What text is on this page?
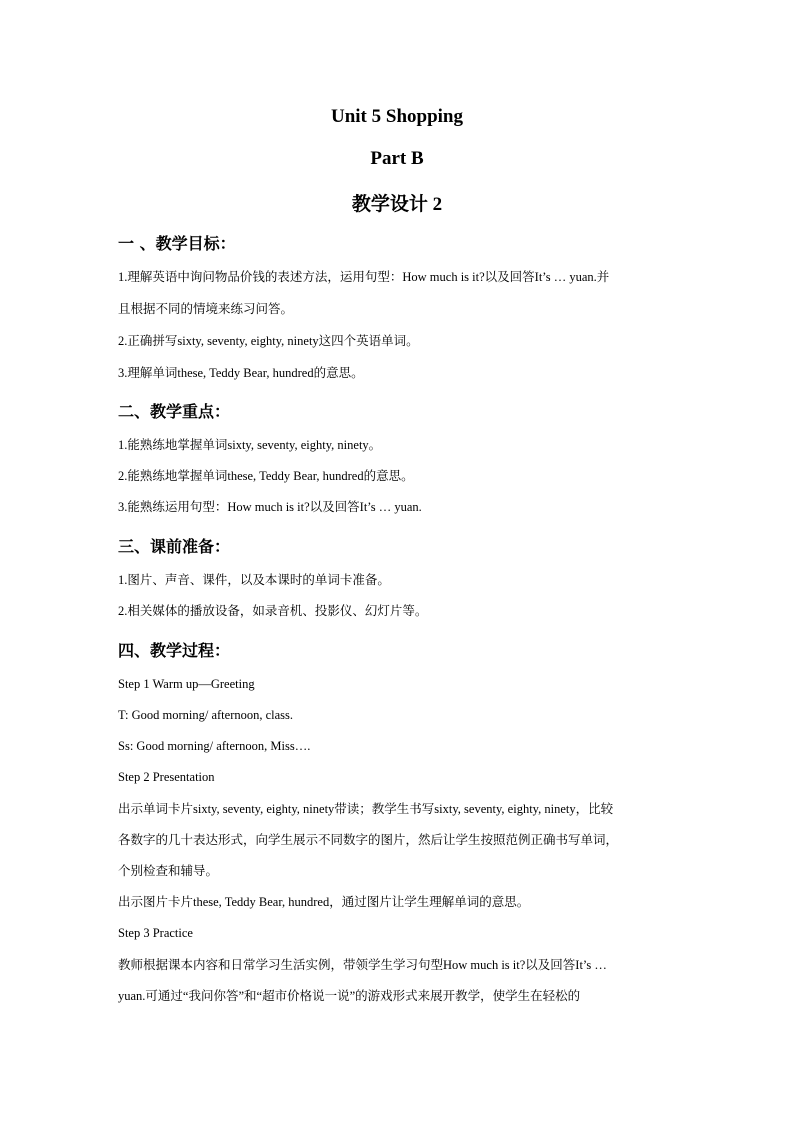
Unit 5 Shopping
Part B
教学设计 2
一 、教学目标：
1.理解英语中询问物品价钱的表述方法，运用句型：How much is it?以及回答It’s … yuan.并
且根据不同的情境来练习问答。
2.正确拼写sixty, seventy, eighty, ninety这四个英语单词。
3.理解单词these, Teddy Bear, hundred的意思。
二、教学重点：
1.能熟练地掌握单词sixty, seventy, eighty, ninety。
2.能熟练地掌握单词these, Teddy Bear, hundred的意思。
3.能熟练运用句型：How much is it?以及回答It’s … yuan.
三、课前准备：
1.图片、声音、课件，以及本课时的单词卡准备。
2.相关媒体的播放设备，如录音机、投影仪、幻灯片等。
四、教学过程：
Step 1 Warm up—Greeting
T: Good morning/ afternoon, class.
Ss: Good morning/ afternoon, Miss….
Step 2 Presentation
出示单词卡片sixty, seventy, eighty, ninety带读；教学生书写sixty, seventy, eighty, ninety，比较
各数字的几十表达形式，向学生展示不同数字的图片，然后让学生按照范例正确书写单词，
个别检查和辅导。
出示图片卡片these, Teddy Bear, hundred，通过图片让学生理解单词的意思。
Step 3 Practice
教师根据课本内容和日常学习生活实例，带领学生学习句型How much is it?以及回答It’s …
yuan.可通过“我问你答”和“超市价格说一说”的游戏形式来展开教学，使学生在轻松的
